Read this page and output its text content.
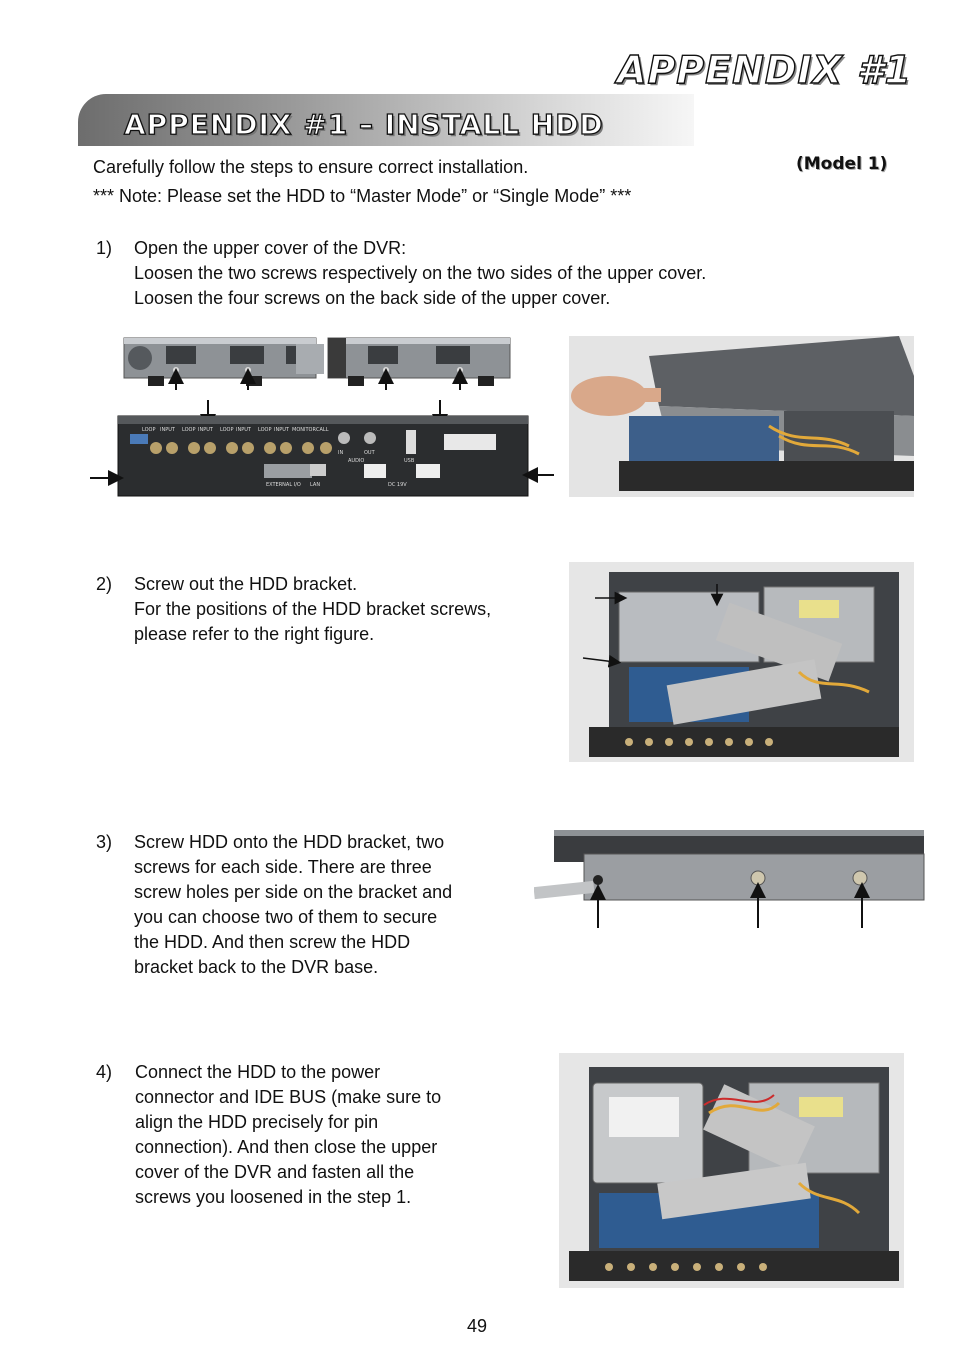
APPENDIX #1
APPENDIX #1 – INSTALL HDD
(Model 1)
Carefully follow the steps to ensure correct installation.
*** Note: Please set the HDD to “Master Mode” or “Single Mode” ***
1) Open the upper cover of the DVR:
Loosen the two screws respectively on the two sides of the upper cover.
Loosen the four screws on the back side of the upper cover.
LOOP INPUT LOOP INPUT LOOP INPUT LOOP INPUT MONITOR CALL
IN	OUT
AUDIO	USB
EXTERNAL I/O LAN	DC 19V
2) Screw out the HDD bracket.
For the positions of the HDD bracket screws,
please refer to the right figure.
3) Screw HDD onto the HDD bracket, two
screws for each side. There are three
screw holes per side on the bracket and
you can choose two of them to secure
the HDD. And then screw the HDD
bracket back to the DVR base.
4) Connect the HDD to the power
connector and IDE BUS (make sure to
align the HDD precisely for pin
connection). And then close the upper
cover of the DVR and fasten all the
screws you loosened in the step 1.
49
